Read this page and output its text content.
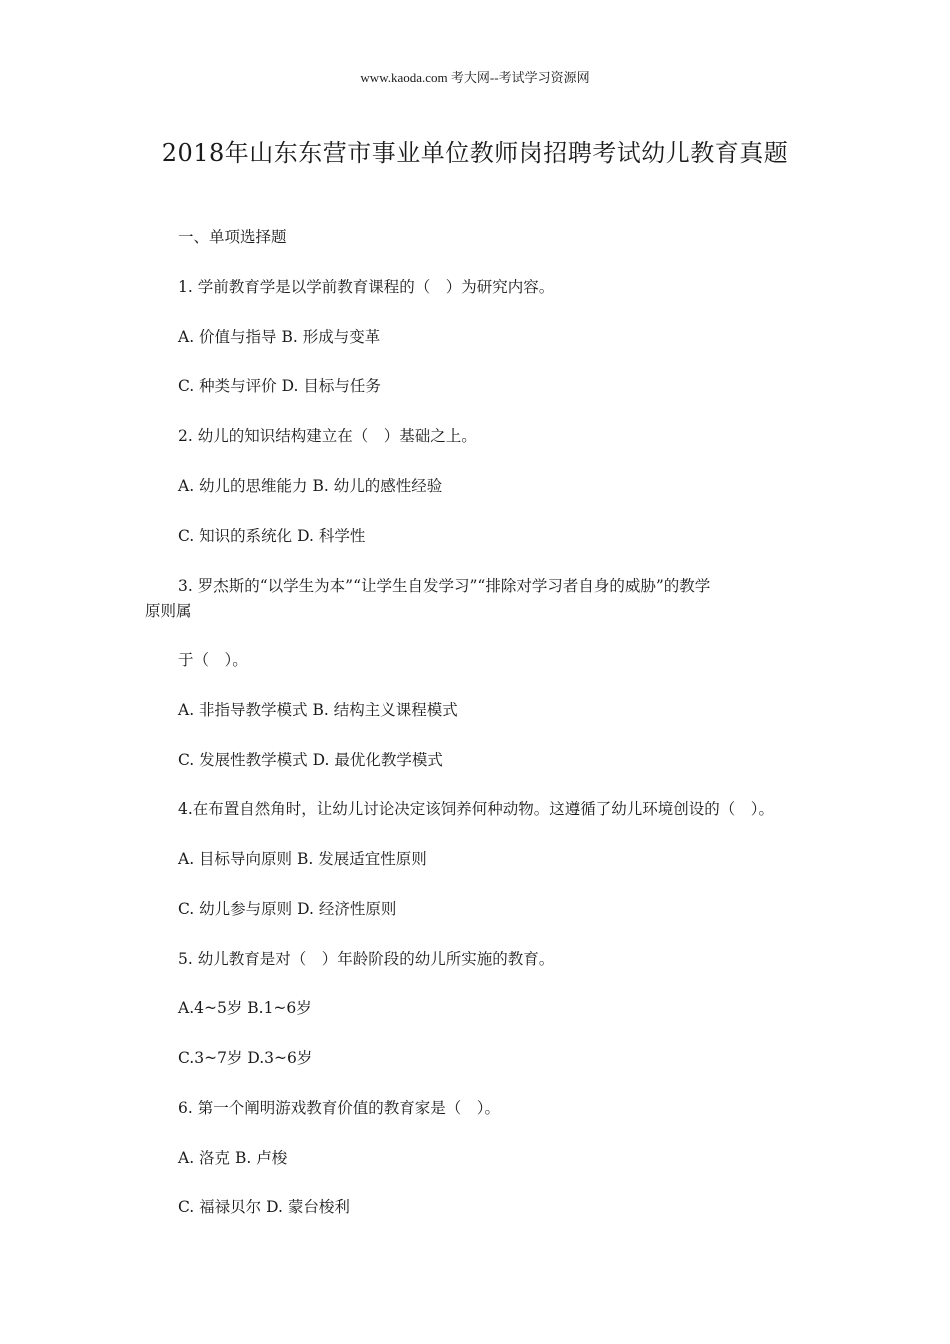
www.kaoda.com 考大网--考试学习资源网
2018年山东东营市事业单位教师岗招聘考试幼儿教育真题
一、单项选择题
1. 学前教育学是以学前教育课程的（　）为研究内容。
A. 价值与指导 B. 形成与变革
C. 种类与评价 D. 目标与任务
2. 幼儿的知识结构建立在（　）基础之上。
A. 幼儿的思维能力 B. 幼儿的感性经验
C. 知识的系统化 D. 科学性
3. 罗杰斯的“以学生为本”“让学生自发学习”“排除对学习者自身的威胁”的教学
原则属
于（　）。
A. 非指导教学模式 B. 结构主义课程模式
C. 发展性教学模式 D. 最优化教学模式
4.在布置自然角时，让幼儿讨论决定该饲养何种动物。这遵循了幼儿环境创设的（　）。
A. 目标导向原则 B. 发展适宜性原则
C. 幼儿参与原则 D. 经济性原则
5. 幼儿教育是对（　）年龄阶段的幼儿所实施的教育。
A.4~5岁 B.1~6岁
C.3~7岁 D.3~6岁
6. 第一个阐明游戏教育价值的教育家是（　）。
A. 洛克 B. 卢梭
C. 福禄贝尔 D. 蒙台梭利
